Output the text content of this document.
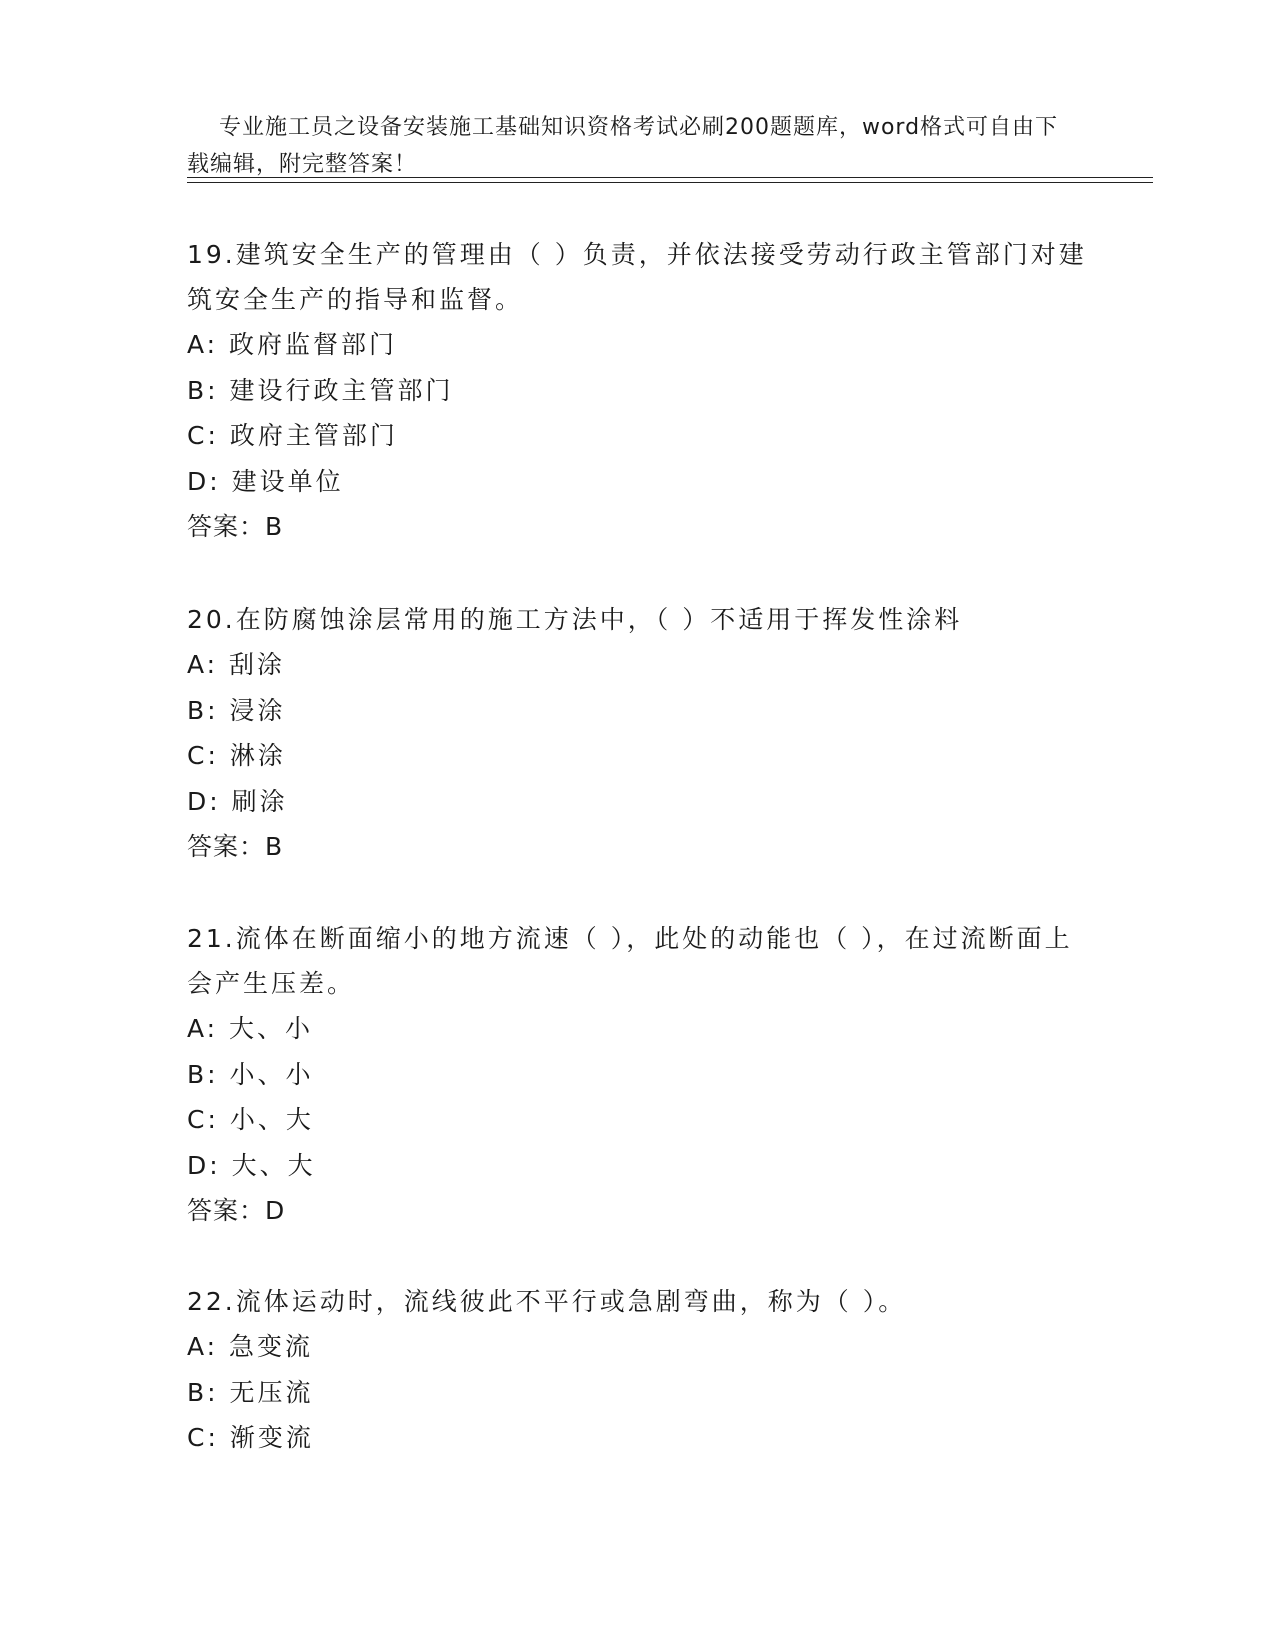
专业施工员之设备安装施工基础知识资格考试必刷200题题库，word格式可自由下载编辑，附完整答案！

19.建筑安全生产的管理由（ ）负责，并依法接受劳动行政主管部门对建筑安全生产的指导和监督。

A: 政府监督部门

B: 建设行政主管部门

C: 政府主管部门

D: 建设单位

答案：B

20.在防腐蚀涂层常用的施工方法中，（ ）不适用于挥发性涂料

A: 刮涂

B: 浸涂

C: 淋涂

D: 刷涂

答案：B

21.流体在断面缩小的地方流速（ ），此处的动能也（ ），在过流断面上会产生压差。

A: 大、小

B: 小、小

C: 小、大

D: 大、大

答案：D

22.流体运动时，流线彼此不平行或急剧弯曲，称为（ ）。

A: 急变流

B: 无压流

C: 渐变流
